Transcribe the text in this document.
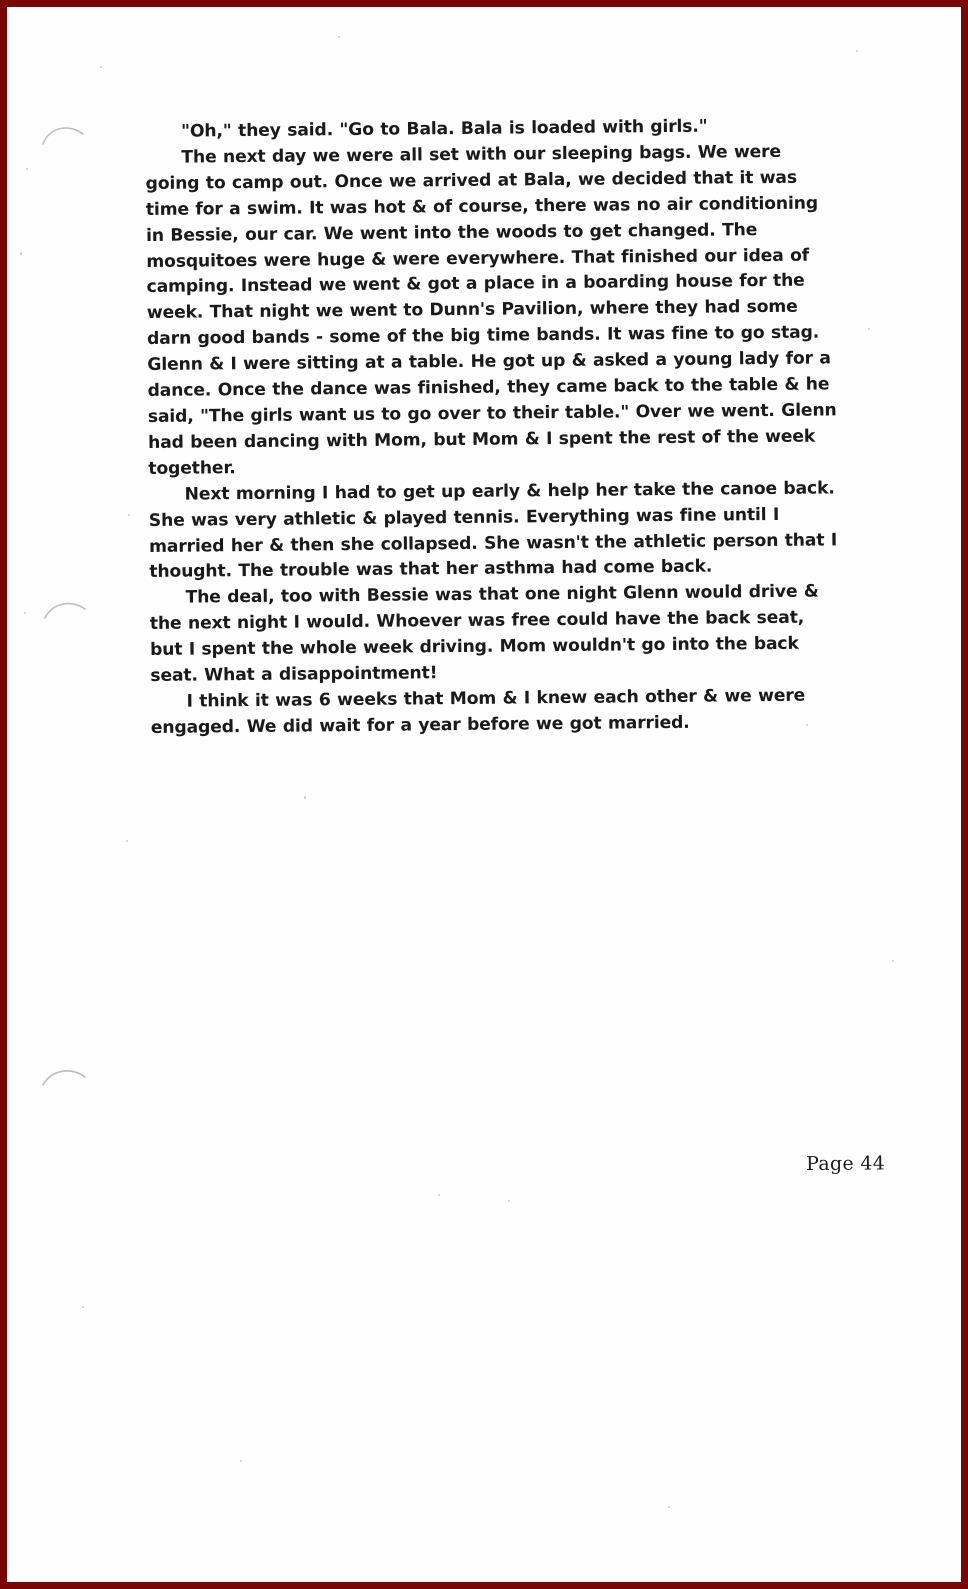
"Oh," they said. "Go to Bala. Bala is loaded with girls."

The next day we were all set with our sleeping bags. We were going to camp out. Once we arrived at Bala, we decided that it was time for a swim. It was hot & of course, there was no air conditioning in Bessie, our car. We went into the woods to get changed. The mosquitoes were huge & were everywhere. That finished our idea of camping. Instead we went & got a place in a boarding house for the week. That night we went to Dunn's Pavilion, where they had some darn good bands - some of the big time bands. It was fine to go stag. Glenn & I were sitting at a table. He got up & asked a young lady for a dance. Once the dance was finished, they came back to the table & he said, "The girls want us to go over to their table." Over we went. Glenn had been dancing with Mom, but Mom & I spent the rest of the week together.

Next morning I had to get up early & help her take the canoe back. She was very athletic & played tennis. Everything was fine until I married her & then she collapsed. She wasn't the athletic person that I thought. The trouble was that her asthma had come back.

The deal, too with Bessie was that one night Glenn would drive & the next night I would. Whoever was free could have the back seat, but I spent the whole week driving. Mom wouldn't go into the back seat. What a disappointment!

I think it was 6 weeks that Mom & I knew each other & we were engaged. We did wait for a year before we got married.

Page 44
